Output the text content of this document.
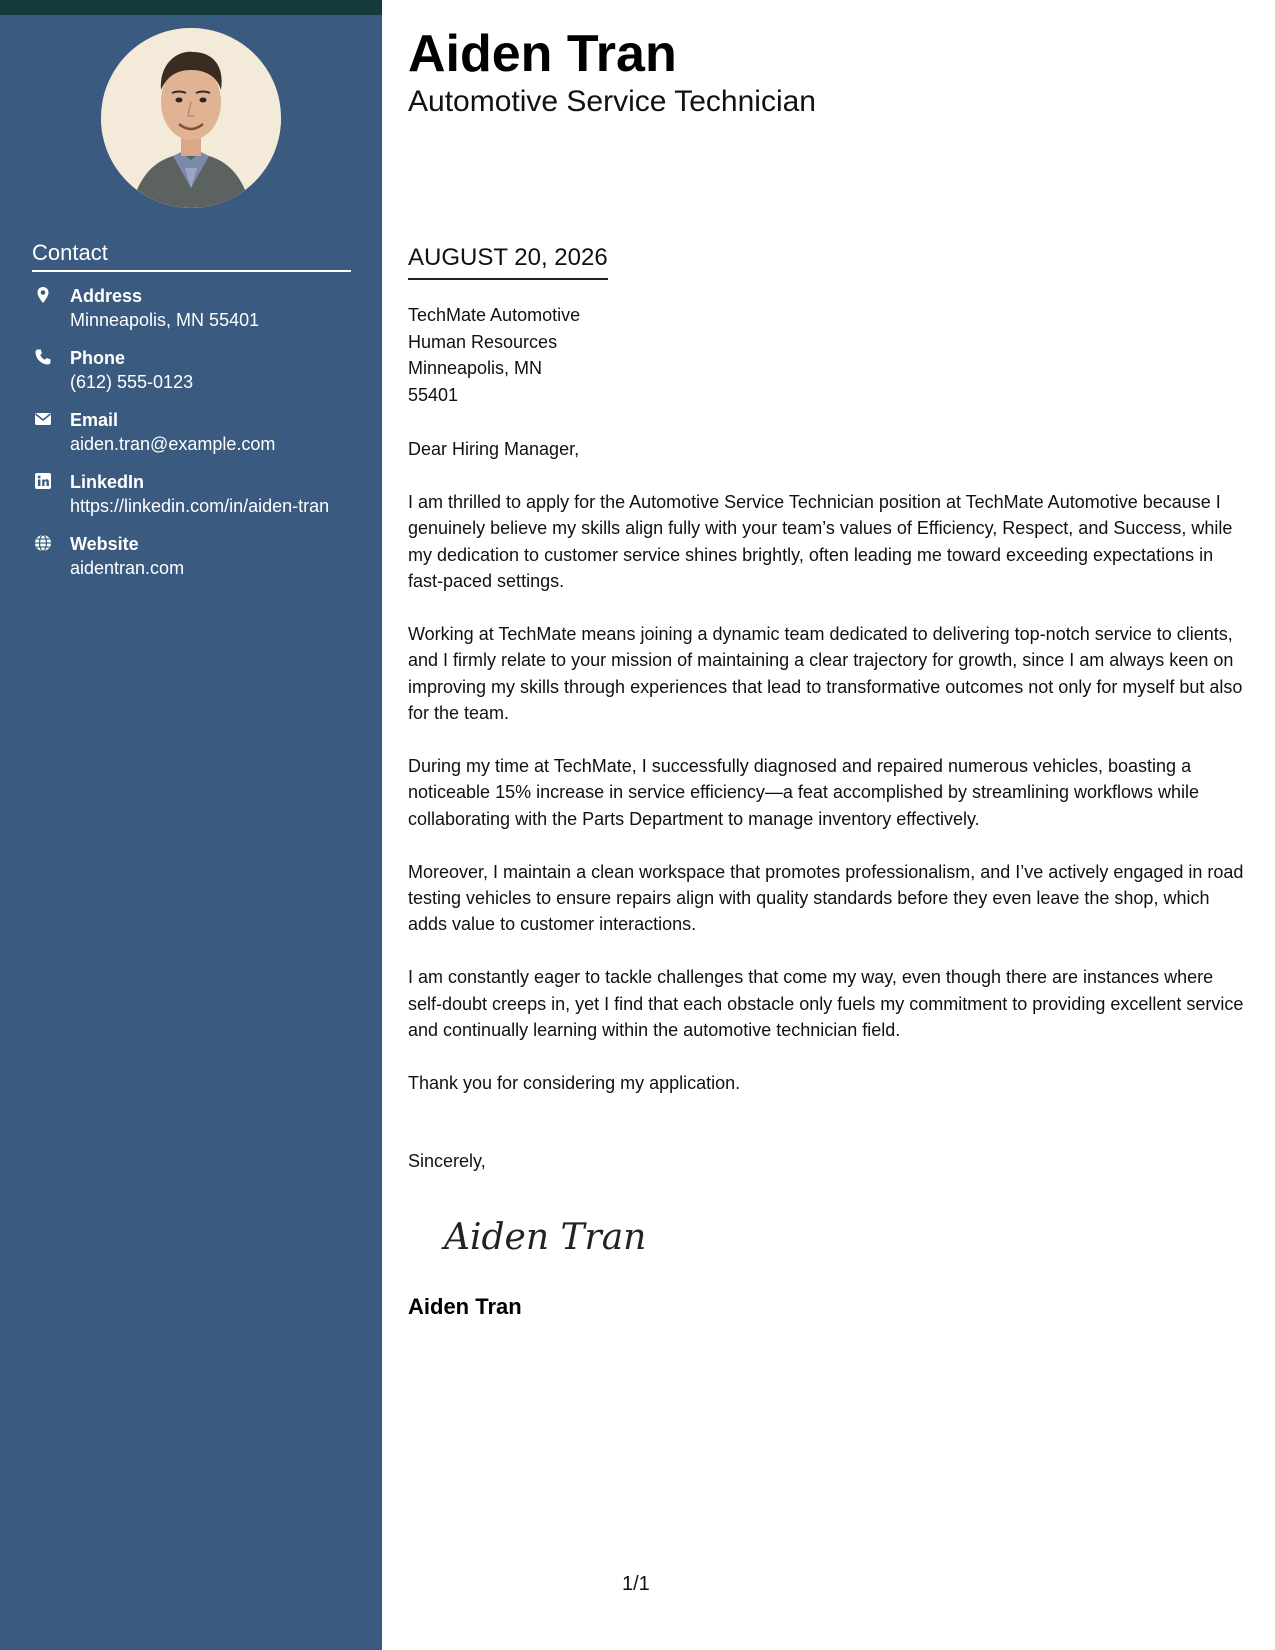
Contact
Address
Minneapolis, MN 55401
Phone
(612) 555-0123
Email
aiden.tran@example.com
LinkedIn
https://linkedin.com/in/aiden-tran
Website
aidentran.com
Aiden Tran
Automotive Service Technician
AUGUST 20, 2026
TechMate Automotive
Human Resources
Minneapolis, MN
55401
Dear Hiring Manager,

I am thrilled to apply for the Automotive Service Technician position at TechMate Automotive because I genuinely believe my skills align fully with your team’s values of Efficiency, Respect, and Success, while my dedication to customer service shines brightly, often leading me toward exceeding expectations in fast-paced settings.

Working at TechMate means joining a dynamic team dedicated to delivering top-notch service to clients, and I firmly relate to your mission of maintaining a clear trajectory for growth, since I am always keen on improving my skills through experiences that lead to transformative outcomes not only for myself but also for the team.

During my time at TechMate, I successfully diagnosed and repaired numerous vehicles, boasting a noticeable 15% increase in service efficiency—a feat accomplished by streamlining workflows while collaborating with the Parts Department to manage inventory effectively.

Moreover, I maintain a clean workspace that promotes professionalism, and I’ve actively engaged in road testing vehicles to ensure repairs align with quality standards before they even leave the shop, which adds value to customer interactions.

I am constantly eager to tackle challenges that come my way, even though there are instances where self-doubt creeps in, yet I find that each obstacle only fuels my commitment to providing excellent service and continually learning within the automotive technician field.

Thank you for considering my application.

Sincerely,
Aiden Tran
Aiden Tran
1/1
